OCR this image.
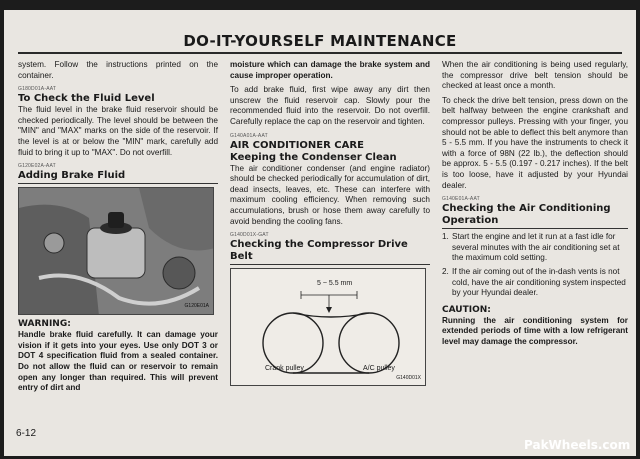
DO-IT-YOURSELF MAINTENANCE

system. Follow the instructions printed on the container.

G180D01A-AAT
To Check the Fluid Level

The fluid level in the brake fluid reservoir should be checked periodically. The level should be between the "MIN" and "MAX" marks on the side of the reservoir. If the level is at or below the "MIN" mark, carefully add fluid to bring it up to "MAX". Do not overfill.

G120E02A-AAT
Adding Brake Fluid
G120E01A
WARNING:

Handle brake fluid carefully. It can damage your vision if it gets into your eyes. Use only DOT 3 or DOT 4 specification fluid from a sealed container. Do not allow the fluid can or reservoir to remain open any longer than required. This will prevent entry of dirt and

moisture which can damage the brake system and cause improper operation.

To add brake fluid, first wipe away any dirt then unscrew the fluid reservoir cap. Slowly pour the recommended fluid into the reservoir. Do not overfill. Carefully replace the cap on the reservoir and tighten.

G140A01A-AAT
AIR CONDITIONER CARE
Keeping the Condenser Clean

The air conditioner condenser (and engine radiator) should be checked periodically for accumulation of dirt, dead insects, leaves, etc. These can interfere with maximum cooling efficiency. When removing such accumulations, brush or hose them away carefully to avoid bending the cooling fans.

G140D01X-GAT
Checking the Compressor Drive Belt
5 ~ 5.5 mm
Crank pulley	A/C pulley
G140D01X

When the air conditioning is being used regularly, the compressor drive belt tension should be checked at least once a month.

To check the drive belt tension, press down on the belt halfway between the engine crankshaft and compressor pulleys. Pressing with your finger, you should not be able to deflect this belt anymore than 5 - 5.5 mm. If you have the instruments to check it with a force of 98N (22 lb.), the deflection should be approx. 5 - 5.5 (0.197 - 0.217 inches). If the belt is too loose, have it adjusted by your Hyundai dealer.

G140E01A-AAT
Checking the Air Conditioning Operation
1. Start the engine and let it run at a fast idle for several minutes with the air conditioning set at the maximum cold setting.
2. If the air coming out of the in-dash vents is not cold, have the air conditioning system inspected by your Hyundai dealer.
CAUTION:

Running the air conditioning system for extended periods of time with a low refrigerant level may damage the compressor.

6-12
PakWheels.com
